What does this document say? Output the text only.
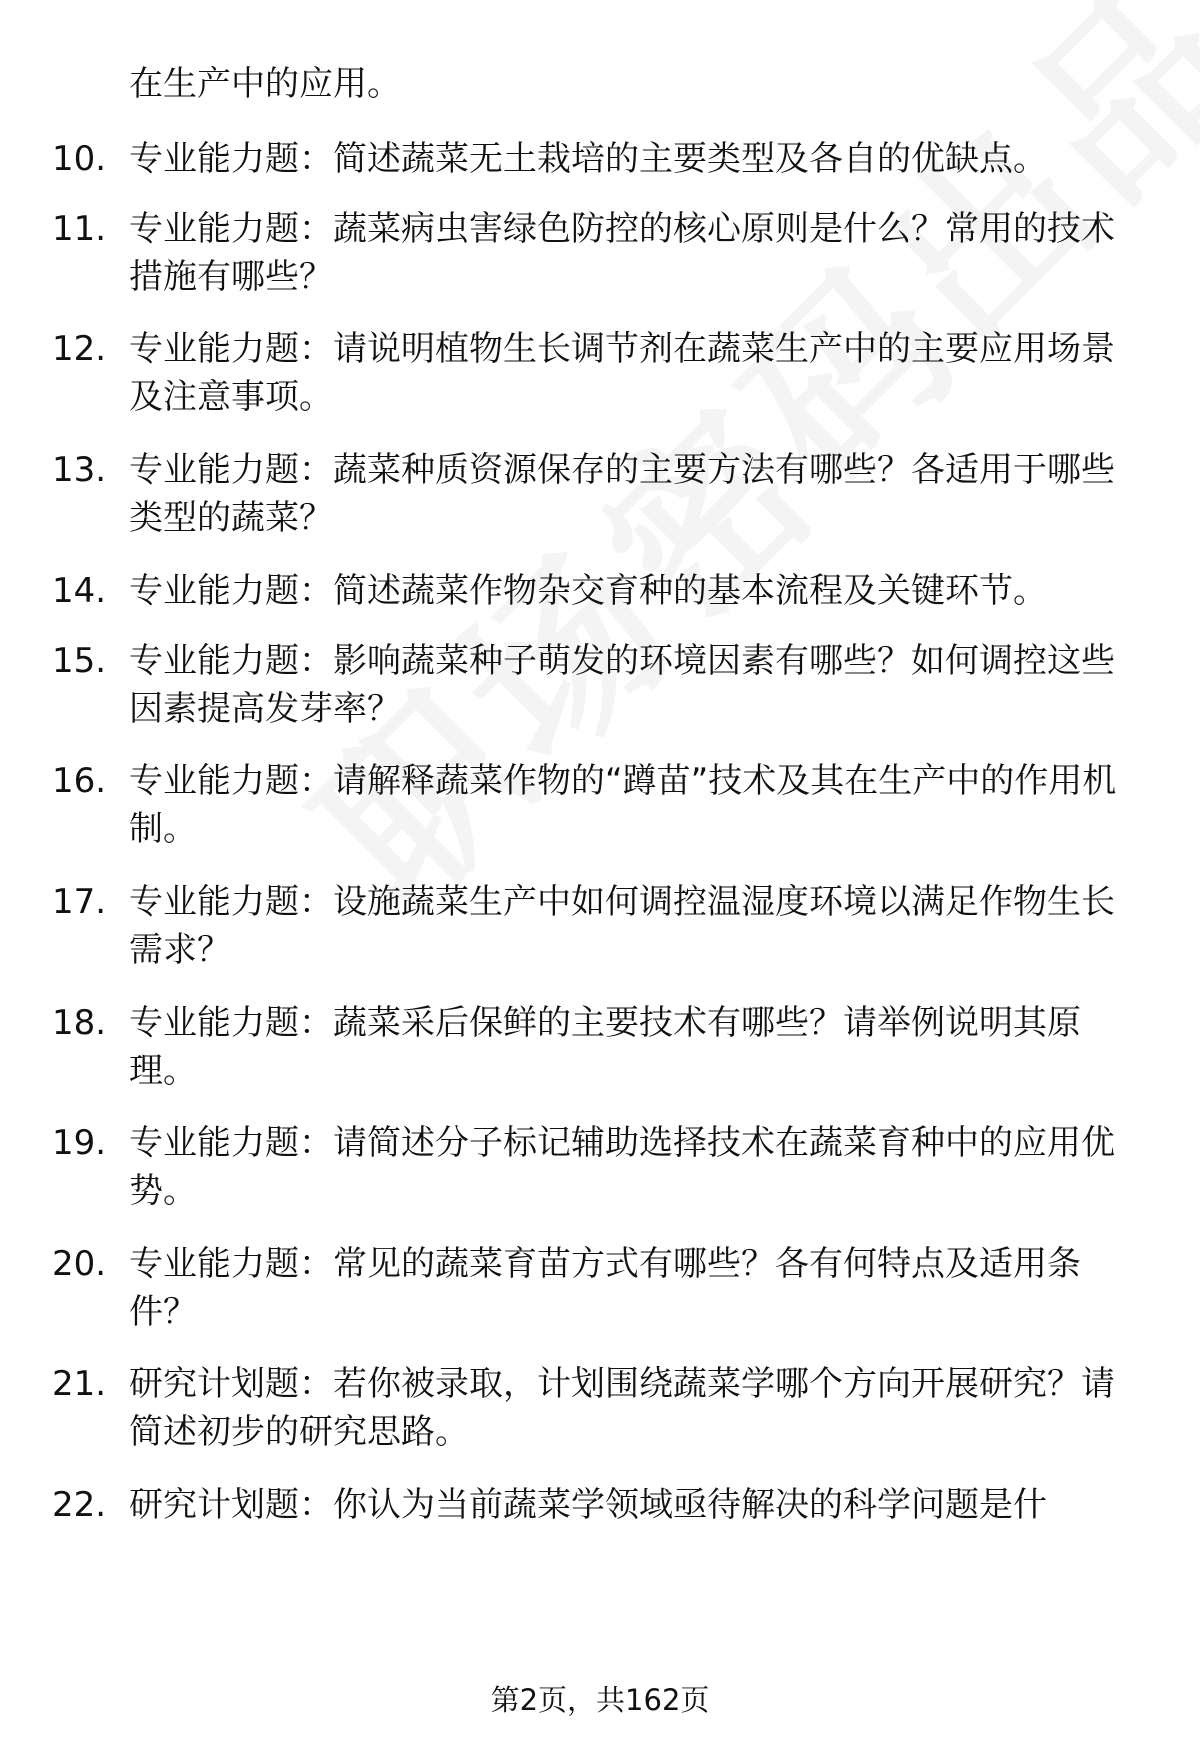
在生产中的应用。
10. 专业能力题：简述蔬菜无土栽培的主要类型及各自的优缺点。
11. 专业能力题：蔬菜病虫害绿色防控的核心原则是什么？常用的技术措施有哪些？
12. 专业能力题：请说明植物生长调节剂在蔬菜生产中的主要应用场景及注意事项。
13. 专业能力题：蔬菜种质资源保存的主要方法有哪些？各适用于哪些类型的蔬菜？
14. 专业能力题：简述蔬菜作物杂交育种的基本流程及关键环节。
15. 专业能力题：影响蔬菜种子萌发的环境因素有哪些？如何调控这些因素提高发芽率？
16. 专业能力题：请解释蔬菜作物的“蹲苗”技术及其在生产中的作用机制。
17. 专业能力题：设施蔬菜生产中如何调控温湿度环境以满足作物生长需求？
18. 专业能力题：蔬菜采后保鲜的主要技术有哪些？请举例说明其原理。
19. 专业能力题：请简述分子标记辅助选择技术在蔬菜育种中的应用优势。
20. 专业能力题：常见的蔬菜育苗方式有哪些？各有何特点及适用条件？
21. 研究计划题：若你被录取，计划围绕蔬菜学哪个方向开展研究？请简述初步的研究思路。
22. 研究计划题：你认为当前蔬菜学领域亟待解决的科学问题是什
第2页，共162页
